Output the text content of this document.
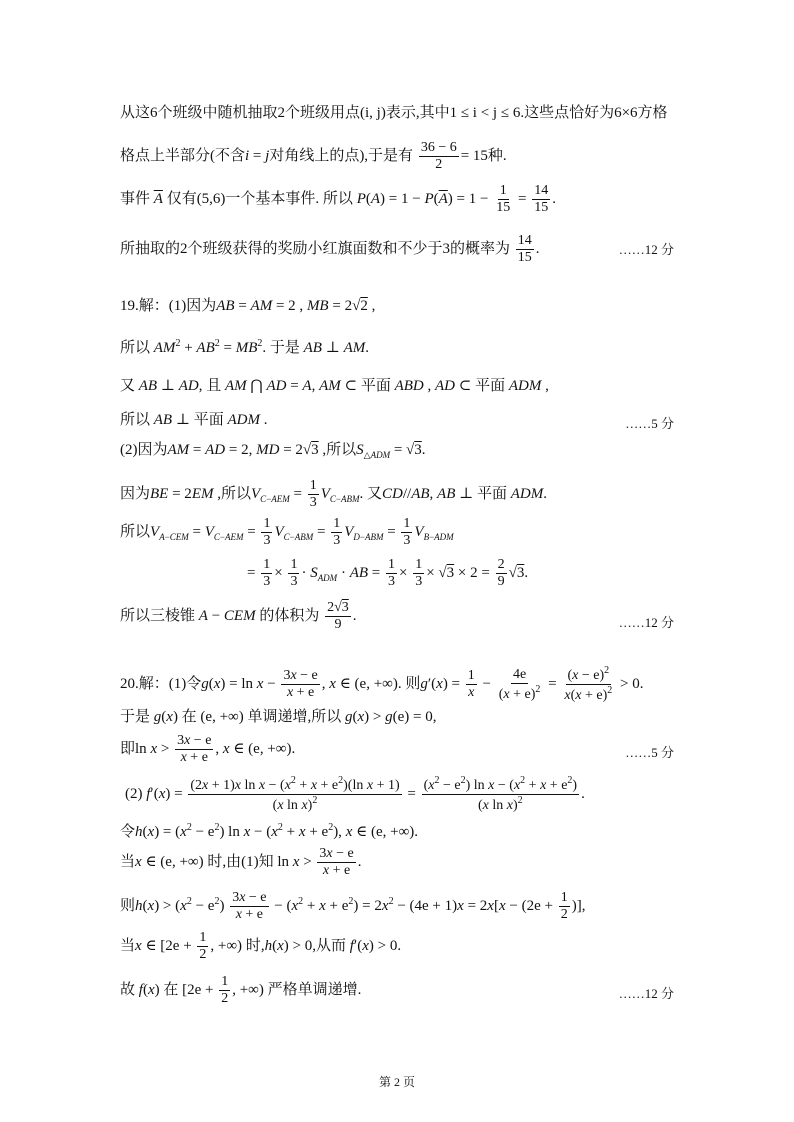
从这6个班级中随机抽取2个班级用点(i, j)表示,其中1 ≤ i < j ≤ 6.这些点恰好为6×6方格
格点上半部分(不含i = j对角线上的点),于是有 $\frac{36 - 6}{2} = 15$种.
事件 $\overline{A}$ 仅有(5,6)一个基本事件. 所以 $P(A) = 1 - P(\overline{A}) = 1 - \frac{1}{15} = \frac{14}{15}$ .
所抽取的2个班级获得的奖励小红旗面数和不少于3的概率为 $\frac{14}{15}$ .	……12 分
19.解：(1)因为AB = AM = 2 , MB = 2√2 ,
所以 $AM^2 + AB^2 = MB^2$. 于是 AB ⊥ AM.
又 AB ⊥ AD, 且 AM ⋂ AD = A, AM ⊂ 平面 ABD , AD ⊂ 平面 ADM ,
所以 AB ⊥ 平面 ADM .	……5 分
(2)因为AM = AD = 2, MD = 2√3 ,所以$S_{\triangle ADM} = √3$.
因为BE = 2EM ,所以$V_{C-AEM} = \frac{1}{3} V_{C-ABM}$. 又CD//AB, AB ⊥ 平面 ADM.
所以$V_{A-CEM} = V_{C-AEM} = \frac{1}{3} V_{C-ABM} = \frac{1}{3} V_{D-ABM} = \frac{1}{3} V_{B-ADM}$
= $\frac{1}{3} \times \frac{1}{3} \cdot S_{ADM}$ · AB = $\frac{1}{3} \times \frac{1}{3} \times √3 \times 2 = \frac{2}{9} √3$.
所以三棱锥 A − CEM 的体积为 $\frac{2√3}{9}$ .	……12 分
20.解：(1)令$g(x) = \ln x - \frac{3x - e}{x + e}$ , x ∈ (e, +∞). 则$g'(x) = \frac{1}{x} - \frac{4e}{(x + e)^2} = \frac{(x - e)^2}{x(x + e)^2} > 0$.
于是 g(x) 在 (e, +∞) 单调递增,所以 g(x) > g(e) = 0,
即$\ln x > \frac{3x - e}{x + e}$ , x ∈ (e, +∞).	……5 分
(2) $f'(x) = \frac{(2x + 1)x \ln x - (x^2 + x + e^2)(\ln x + 1)}{(x \ln x)^2} = \frac{(x^2 - e^2) \ln x - (x^2 + x + e^2)}{(x \ln x)^2}$ .
令$h(x) = (x^2 - e^2)$ $\ln x - (x^2 + x + e^2)$, x ∈ (e, +∞).
当x ∈ (e, +∞) 时,由(1)知 $\ln x > \frac{3x - e}{x + e}$ .
则$h(x) > (x^2 - e^2) \frac{3x - e}{x + e} - (x^2 + x + e^2) = 2x^2 - (4e + 1)x = 2x[x - (2e + \frac{1}{2}$ )],
当x ∈ [$2e + \frac{1}{2}$ , +∞) 时,h(x) > 0,从而 f′(x) > 0.
故 f(x) 在 [$2e + \frac{1}{2}$ , +∞) 严格单调递增.	……12 分
第 2 页
